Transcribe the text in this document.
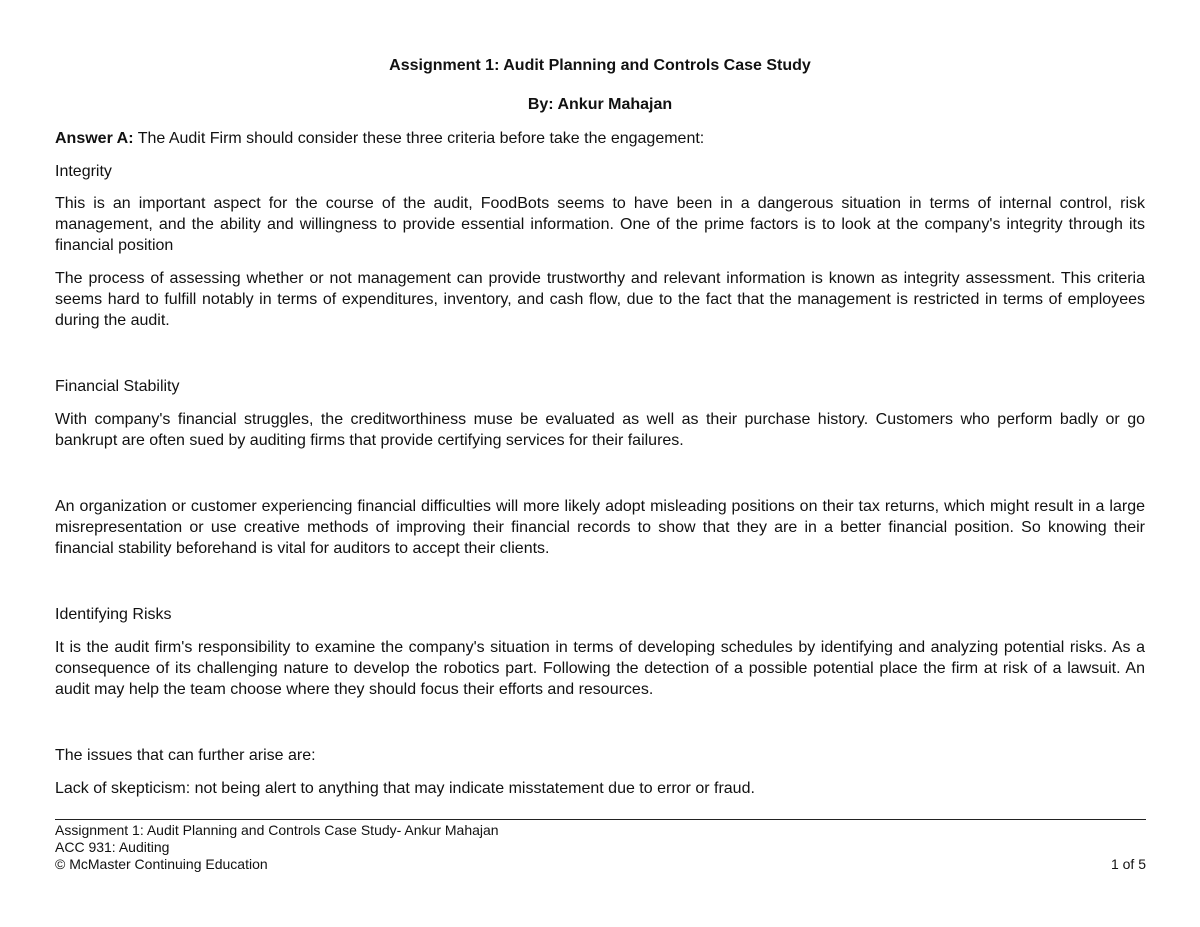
Assignment 1: Audit Planning and Controls Case Study
By: Ankur Mahajan

Answer A: The Audit Firm should consider these three criteria before take the engagement:

Integrity

This is an important aspect for the course of the audit, FoodBots seems to have been in a dangerous situation in terms of internal control, risk management, and the ability and willingness to provide essential information. One of the prime factors is to look at the company's integrity through its financial position

The process of assessing whether or not management can provide trustworthy and relevant information is known as integrity assessment. This criteria seems hard to fulfill notably in terms of expenditures, inventory, and cash flow, due to the fact that the management is restricted in terms of employees during the audit.

Financial Stability

With company's financial struggles, the creditworthiness muse be evaluated as well as their purchase history. Customers who perform badly or go bankrupt are often sued by auditing firms that provide certifying services for their failures.

An organization or customer experiencing financial difficulties will more likely adopt misleading positions on their tax returns, which might result in a large misrepresentation or use creative methods of improving their financial records to show that they are in a better financial position. So knowing their financial stability beforehand is vital for auditors to accept their clients.

Identifying Risks

It is the audit firm's responsibility to examine the company's situation in terms of developing schedules by identifying and analyzing potential risks. As a consequence of its challenging nature to develop the robotics part. Following the detection of a possible potential place the firm at risk of a lawsuit. An audit may help the team choose where they should focus their efforts and resources.

The issues that can further arise are:

Lack of skepticism: not being alert to anything that may indicate misstatement due to error or fraud.

Assignment 1: Audit Planning and Controls Case Study- Ankur Mahajan
ACC 931: Auditing
© McMaster Continuing Education	1 of 5
